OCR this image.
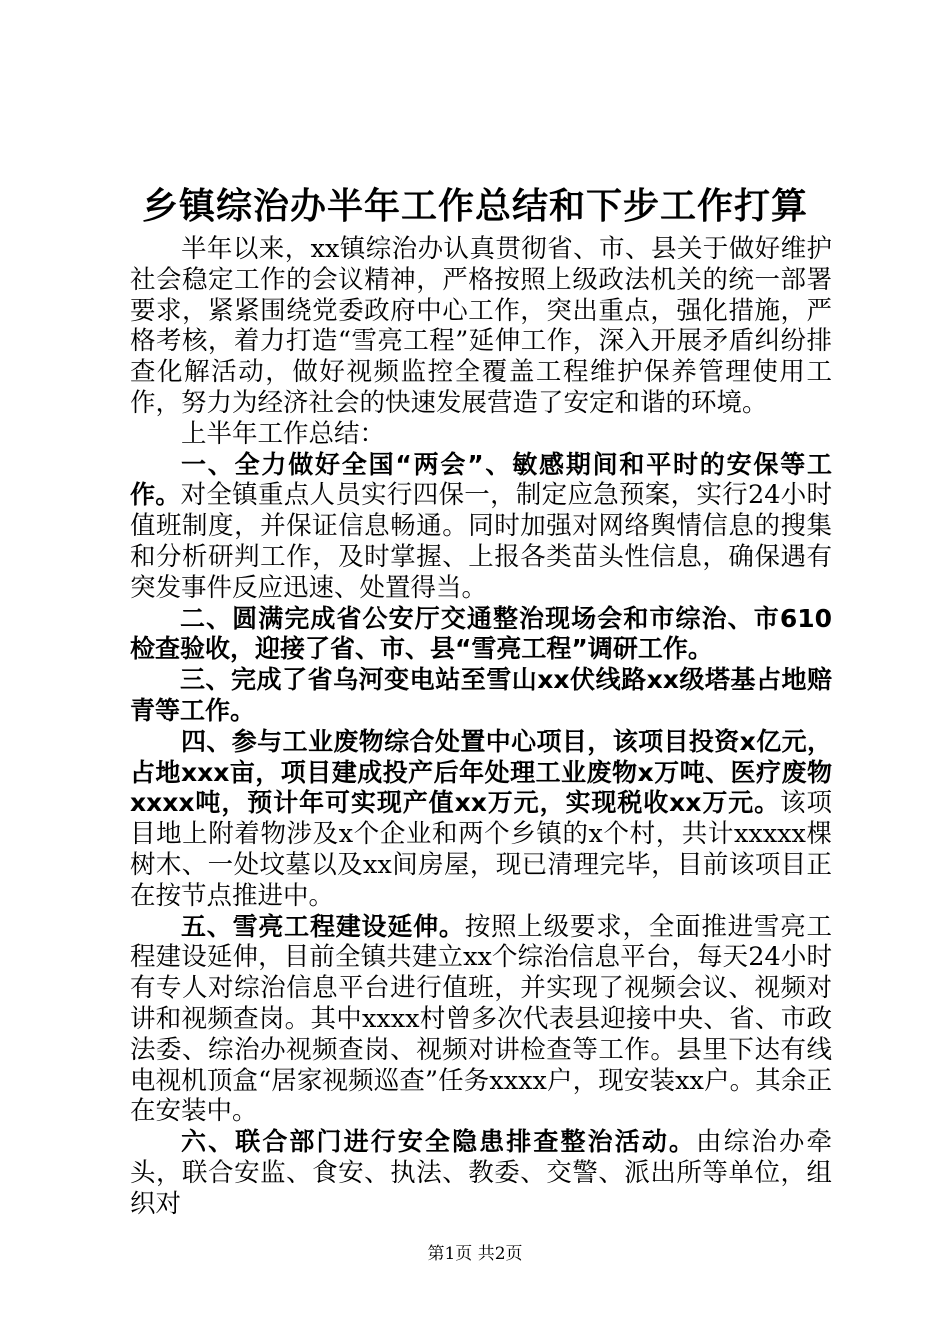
乡镇综治办半年工作总结和下步工作打算

半年以来，xx镇综治办认真贯彻省、市、县关于做好维护社会稳定工作的会议精神，严格按照上级政法机关的统一部署要求，紧紧围绕党委政府中心工作，突出重点，强化措施，严格考核，着力打造“雪亮工程”延伸工作，深入开展矛盾纠纷排查化解活动，做好视频监控全覆盖工程维护保养管理使用工作，努力为经济社会的快速发展营造了安定和谐的环境。

上半年工作总结：

一、全力做好全国“两会”、敏感期间和平时的安保等工作。对全镇重点人员实行四保一，制定应急预案，实行24小时值班制度，并保证信息畅通。同时加强对网络舆情信息的搜集和分析研判工作，及时掌握、上报各类苗头性信息，确保遇有突发事件反应迅速、处置得当。

二、圆满完成省公安厅交通整治现场会和市综治、市610检查验收，迎接了省、市、县“雪亮工程”调研工作。

三、完成了省乌河变电站至雪山xx伏线路xx级塔基占地赔青等工作。

四、参与工业废物综合处置中心项目，该项目投资x亿元，占地xxx亩，项目建成投产后年处理工业废物x万吨、医疗废物xxxx吨，预计年可实现产值xx万元，实现税收xx万元。该项目地上附着物涉及x个企业和两个乡镇的x个村，共计xxxxx棵树木、一处坟墓以及xx间房屋，现已清理完毕，目前该项目正在按节点推进中。

五、雪亮工程建设延伸。按照上级要求，全面推进雪亮工程建设延伸，目前全镇共建立xx个综治信息平台，每天24小时有专人对综治信息平台进行值班，并实现了视频会议、视频对讲和视频查岗。其中xxxx村曾多次代表县迎接中央、省、市政法委、综治办视频查岗、视频对讲检查等工作。县里下达有线电视机顶盒“居家视频巡查”任务xxxx户，现安装xx户。其余正在安装中。

六、联合部门进行安全隐患排查整治活动。由综治办牵头，联合安监、食安、执法、教委、交警、派出所等单位，组织对

第1页 共2页
